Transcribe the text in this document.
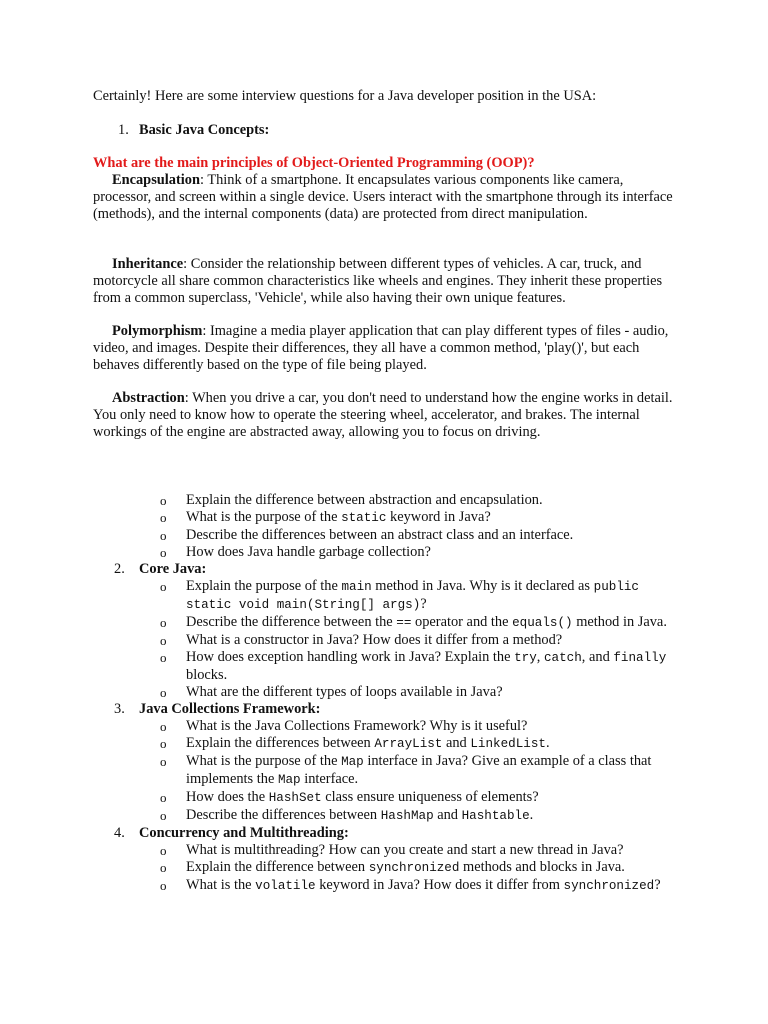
Certainly! Here are some interview questions for a Java developer position in the USA:
1. Basic Java Concepts:
What are the main principles of Object-Oriented Programming (OOP)?
Encapsulation: Think of a smartphone. It encapsulates various components like camera, processor, and screen within a single device. Users interact with the smartphone through its interface (methods), and the internal components (data) are protected from direct manipulation.
Inheritance: Consider the relationship between different types of vehicles. A car, truck, and motorcycle all share common characteristics like wheels and engines. They inherit these properties from a common superclass, 'Vehicle', while also having their own unique features.
Polymorphism: Imagine a media player application that can play different types of files - audio, video, and images. Despite their differences, they all have a common method, 'play()', but each behaves differently based on the type of file being played.
Abstraction: When you drive a car, you don't need to understand how the engine works in detail. You only need to know how to operate the steering wheel, accelerator, and brakes. The internal workings of the engine are abstracted away, allowing you to focus on driving.
o Explain the difference between abstraction and encapsulation.
o What is the purpose of the static keyword in Java?
o Describe the differences between an abstract class and an interface.
o How does Java handle garbage collection?
2. Core Java:
o Explain the purpose of the main method in Java. Why is it declared as public static void main(String[] args)?
o Describe the difference between the == operator and the equals() method in Java.
o What is a constructor in Java? How does it differ from a method?
o How does exception handling work in Java? Explain the try, catch, and finally blocks.
o What are the different types of loops available in Java?
3. Java Collections Framework:
o What is the Java Collections Framework? Why is it useful?
o Explain the differences between ArrayList and LinkedList.
o What is the purpose of the Map interface in Java? Give an example of a class that implements the Map interface.
o How does the HashSet class ensure uniqueness of elements?
o Describe the differences between HashMap and Hashtable.
4. Concurrency and Multithreading:
o What is multithreading? How can you create and start a new thread in Java?
o Explain the difference between synchronized methods and blocks in Java.
o What is the volatile keyword in Java? How does it differ from synchronized?
